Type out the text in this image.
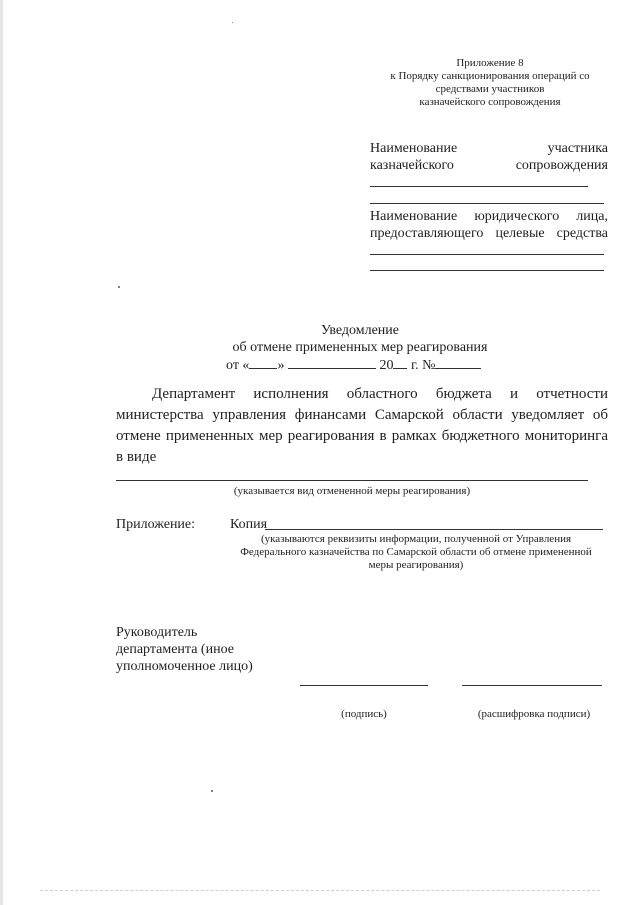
Приложение 8
к Порядку санкционирования операций со
средствами участников
казначейского сопровождения
Наименование	участника
казначейского	сопровождения
Наименование юридического лица, предоставляющего целевые средства
Уведомление
об отмене примененных мер реагирования
от « »	20 г. №
Департамент исполнения областного бюджета и отчетности министерства управления финансами Самарской области уведомляет об отмене примененных мер реагирования в рамках бюджетного мониторинга в виде
(указывается вид отмененной меры реагирования)
Приложение: Копия
(указываются реквизиты информации, полученной от Управления Федерального казначейства по Самарской области об отмене примененной меры реагирования)
Руководитель департамента (иное уполномоченное лицо)
(подпись)	(расшифровка подписи)
